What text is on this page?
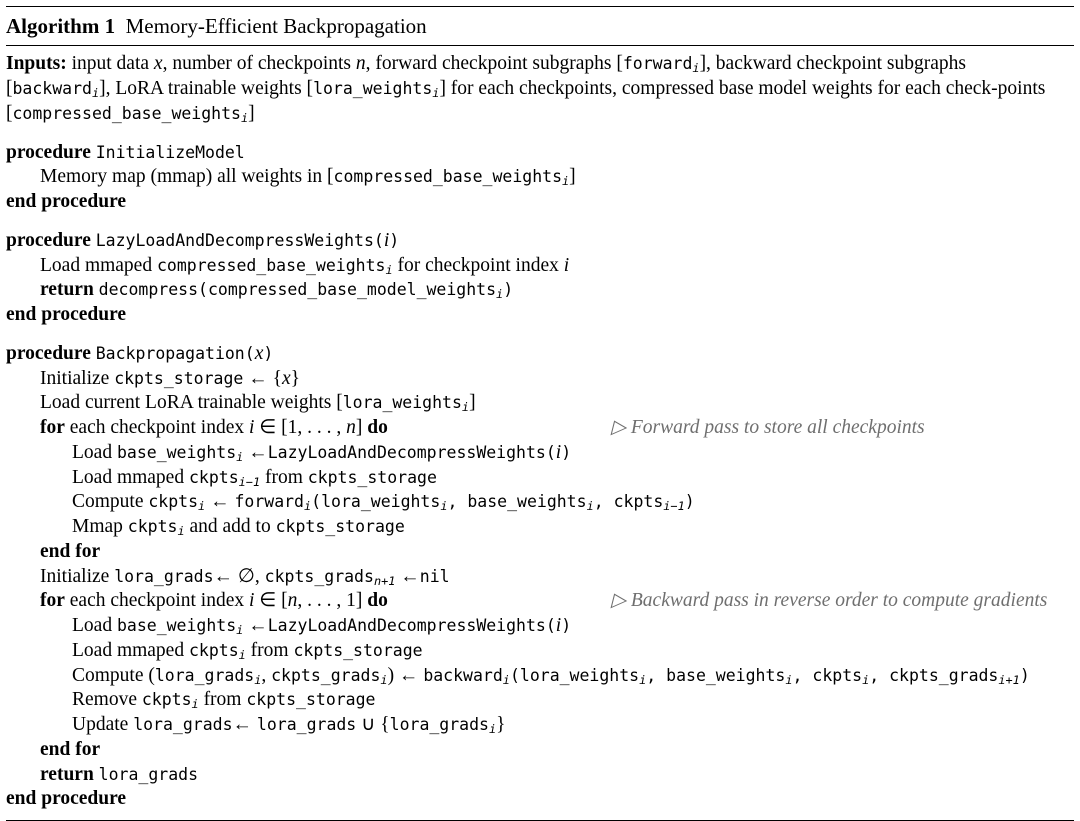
Algorithm 1 Memory-Efficient Backpropagation
Inputs: input data x, number of checkpoints n, forward checkpoint subgraphs [forward$_i$], backward checkpoint subgraphs [backward$_i$], LoRA trainable weights [lora_weights$_i$] for each checkpoints, compressed base model weights for each check-points [compressed_base_weights$_i$]
procedure InitializeModel
Memory map (mmap) all weights in [compressed_base_weights$_i$]
end procedure
procedure LazyLoadAndDecompressWeights(i)
Load mmaped compressed_base_weights$_i$ for checkpoint index i
return decompress(compressed_base_model_weights$_i$)
end procedure
procedure Backpropagation(x)
Initialize ckpts_storage ← {x}
Load current LoRA trainable weights [lora_weights$_i$]
for each checkpoint index i ∈ [1, . . . , n] do	▷ Forward pass to store all checkpoints
Load base_weights$_i$ ←LazyLoadAndDecompressWeights(i)
Load mmaped ckpts$_{i-1}$ from ckpts_storage
Compute ckpts$_i$ ← forward$_i$(lora_weights$_i$, base_weights$_i$, ckpts$_{i-1}$)
Mmap ckpts$_i$ and add to ckpts_storage
end for
Initialize lora_grads← ∅, ckpts_grads$_{n+1}$ ←nil
for each checkpoint index i ∈ [n, . . . , 1] do	▷ Backward pass in reverse order to compute gradients
Load base_weights$_i$ ←LazyLoadAndDecompressWeights(i)
Load mmaped ckpts$_i$ from ckpts_storage
Compute (lora_grads$_i$, ckpts_grads$_i$) ← backward$_i$(lora_weights$_i$, base_weights$_i$, ckpts$_i$, ckpts_grads$_{i+1}$)
Remove ckpts$_i$ from ckpts_storage
Update lora_grads← lora_grads ∪ {lora_grads$_i$}
end for
return lora_grads
end procedure
